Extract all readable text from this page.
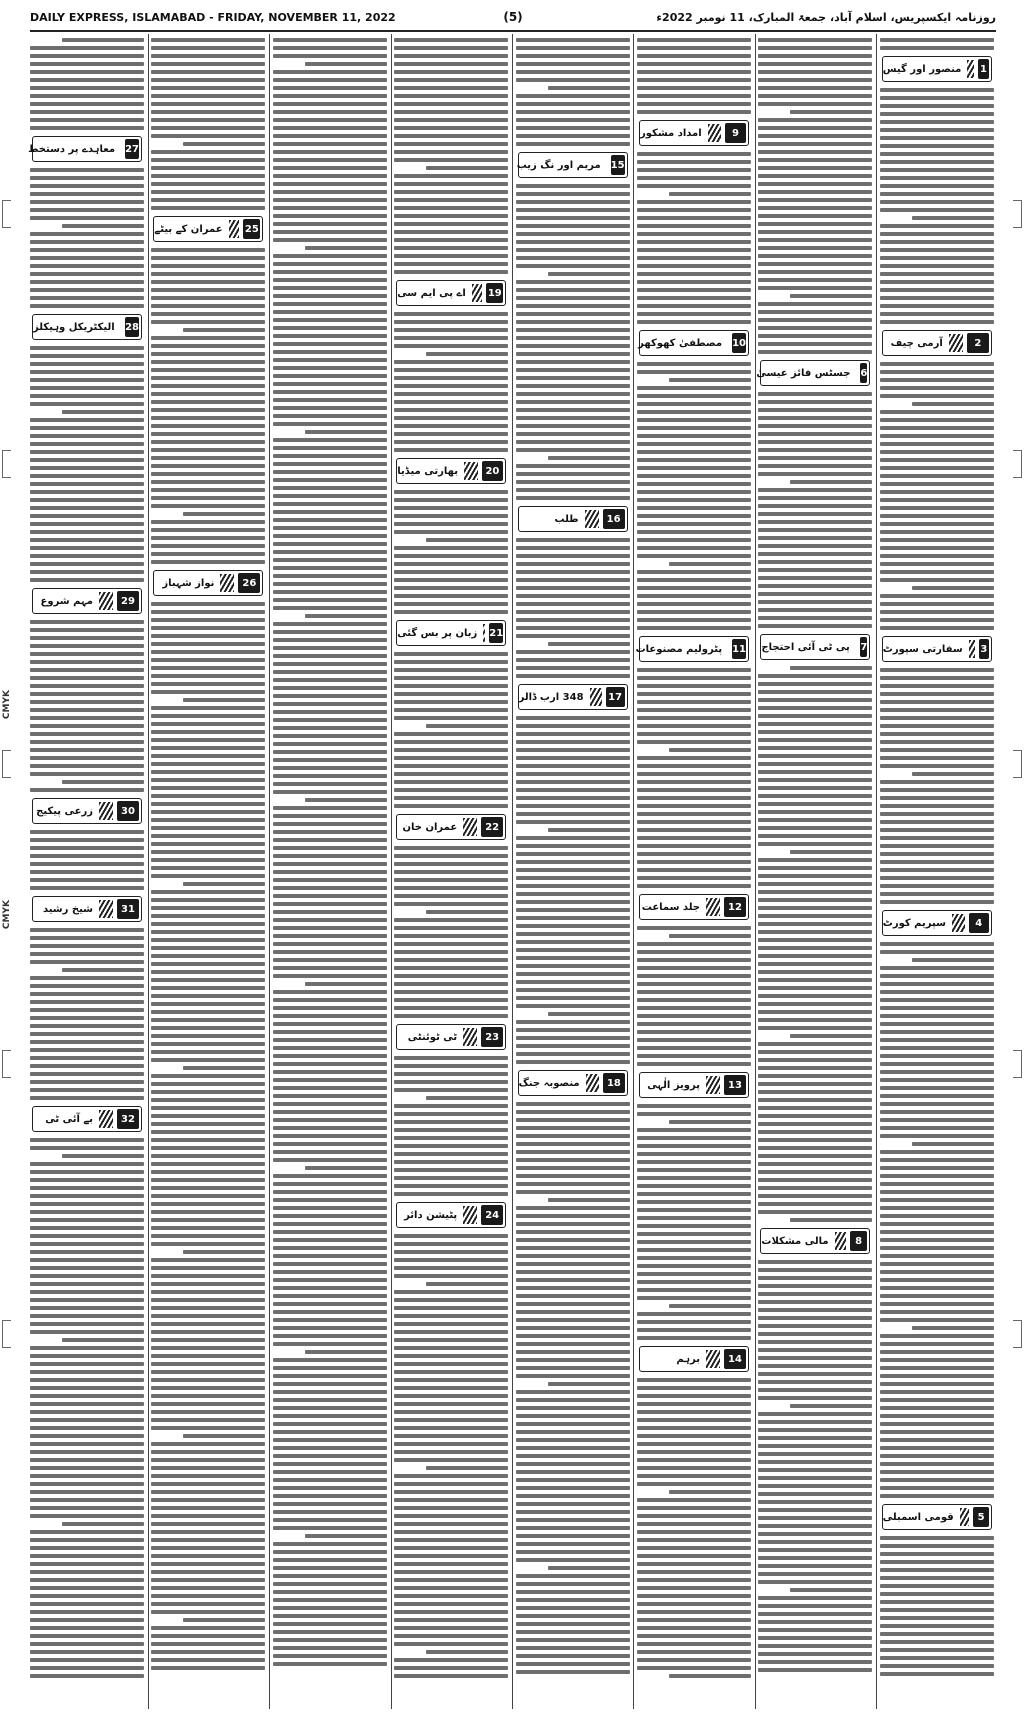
DAILY EXPRESS, ISLAMABAD - FRIDAY, NOVEMBER 11, 2022	(5)	روزنامہ ایکسپریس، اسلام آباد، جمعۃ المبارک، 11 نومبر 2022ء
27
معاہدے پر دستخط
28
الیکٹریکل وہیکلز
29
مہم شروع
30
زرعی پیکیج
31
شیخ رشید
32
بے آئی ٹی
25
عمران کے بیٹے
26
نواز شہباز
19
اے پی ایم سی
20
بھارتی میڈیا
21
زبان پر بس گئی
22
عمران خان
23
ٹی ٹوئنٹی
24
پٹیشن دائر
15
مریم اور نگ زیب
16
طلب
17
348 ارب ڈالر
18
منصوبہ جنگ
9
امداد مشکور
10
مصطفیٰ کھوکھر
11
پٹرولیم مصنوعات
12
جلد سماعت
13
پرویز الٰہی
14
برہم
6
جسٹس فائز عیسیٰ
7
پی ٹی آئی احتجاج
8
مالی مشکلات
1
منصور اور گیس
2
آرمی چیف
3
سفارتی سپورٹ
4
سپریم کورٹ
5
قومی اسمبلی
CMYK
CMYK
